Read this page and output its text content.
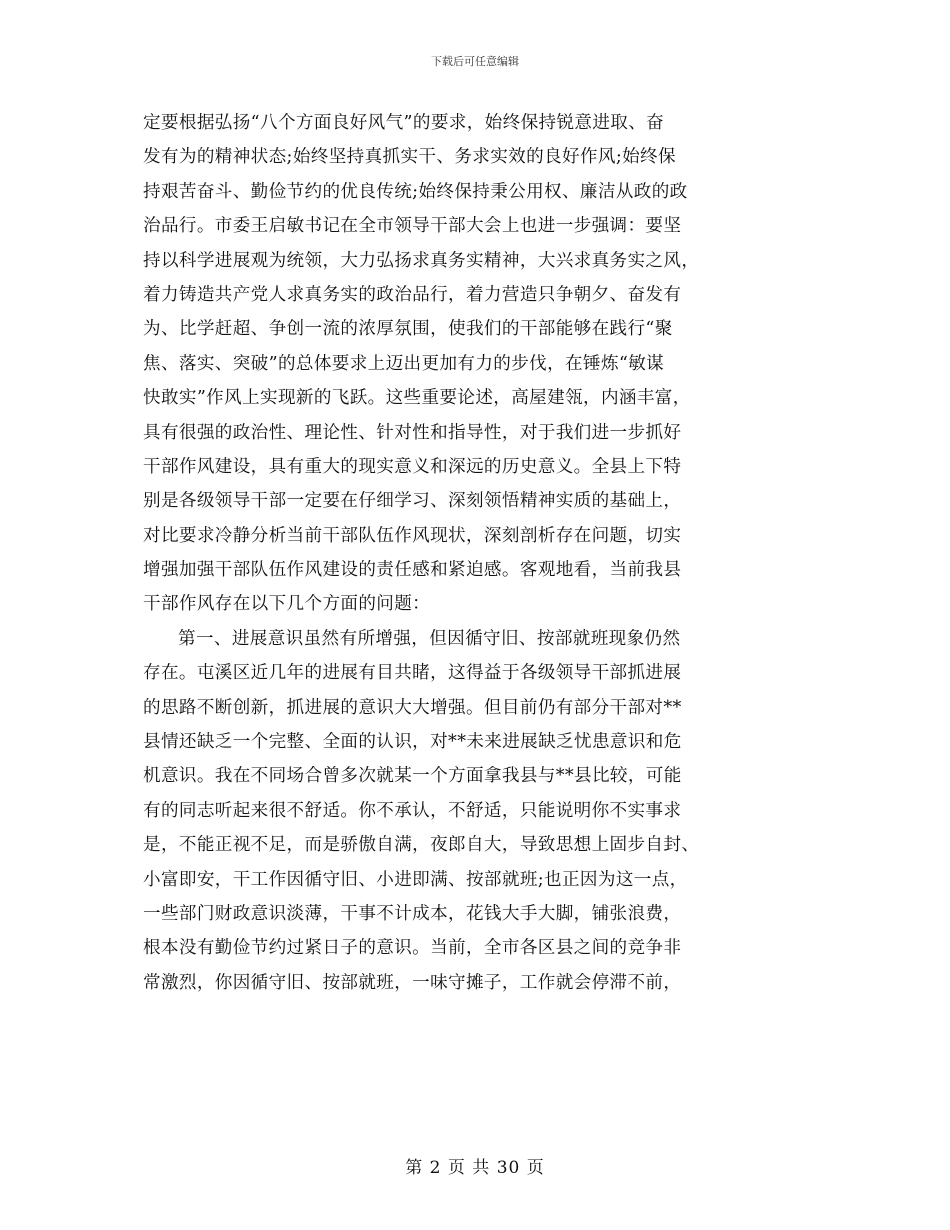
下载后可任意编辑
定要根据弘扬“八个方面良好风气”的要求，始终保持锐意进取、奋
发有为的精神状态;始终坚持真抓实干、务求实效的良好作风;始终保
持艰苦奋斗、勤俭节约的优良传统;始终保持秉公用权、廉洁从政的政
治品行。市委王启敏书记在全市领导干部大会上也进一步强调：要坚
持以科学进展观为统领，大力弘扬求真务实精神，大兴求真务实之风，
着力铸造共产党人求真务实的政治品行，着力营造只争朝夕、奋发有
为、比学赶超、争创一流的浓厚氛围，使我们的干部能够在践行“聚
焦、落实、突破”的总体要求上迈出更加有力的步伐，在锤炼“敏谋
快敢实”作风上实现新的飞跃。这些重要论述，高屋建瓴，内涵丰富，
具有很强的政治性、理论性、针对性和指导性，对于我们进一步抓好
干部作风建设，具有重大的现实意义和深远的历史意义。全县上下特
别是各级领导干部一定要在仔细学习、深刻领悟精神实质的基础上，
对比要求冷静分析当前干部队伍作风现状，深刻剖析存在问题，切实
增强加强干部队伍作风建设的责任感和紧迫感。客观地看，当前我县
干部作风存在以下几个方面的问题：
第一、进展意识虽然有所增强，但因循守旧、按部就班现象仍然
存在。屯溪区近几年的进展有目共睹，这得益于各级领导干部抓进展
的思路不断创新，抓进展的意识大大增强。但目前仍有部分干部对**
县情还缺乏一个完整、全面的认识，对**未来进展缺乏忧患意识和危
机意识。我在不同场合曾多次就某一个方面拿我县与**县比较，可能
有的同志听起来很不舒适。你不承认，不舒适，只能说明你不实事求
是，不能正视不足，而是骄傲自满，夜郎自大，导致思想上固步自封、
小富即安，干工作因循守旧、小进即满、按部就班;也正因为这一点，
一些部门财政意识淡薄，干事不计成本，花钱大手大脚，铺张浪费，
根本没有勤俭节约过紧日子的意识。当前，全市各区县之间的竞争非
常激烈，你因循守旧、按部就班，一味守摊子，工作就会停滞不前，
第 2 页 共 30 页
